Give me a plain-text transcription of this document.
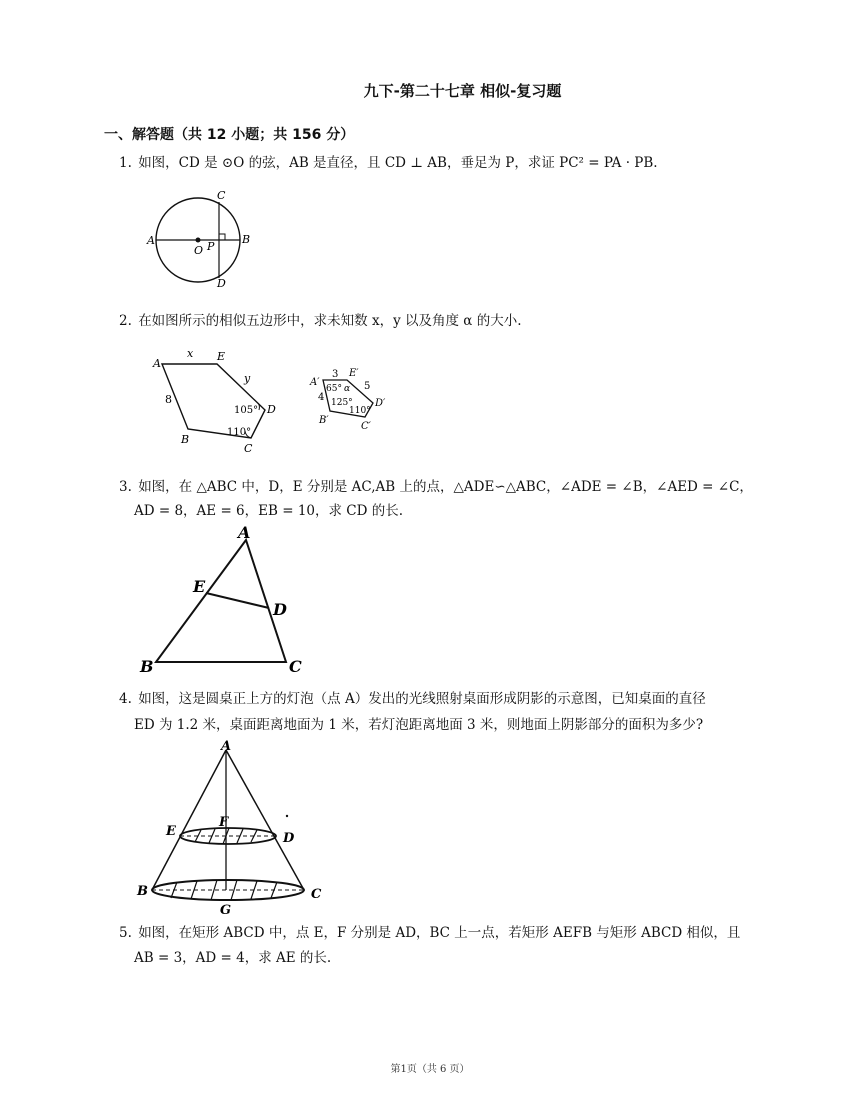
九下-第二十七章 相似-复习题
一、解答题（共 12 小题；共 156 分）
1. 如图，CD 是 ⊙O 的弦，AB 是直径，且 CD ⊥ AB，垂足为 P，求证 PC² = PA · PB.
A	B
C
D
O P
2. 在如图所示的相似五边形中，求未知数 x，y 以及角度 α 的大小.
A
B
C
D
E
x
y
8
105°
110°
A′
B′
C′
D′
E′
3
4
5
65° α
125°
110°
3. 如图，在 △ABC 中，D，E 分别是 AC,AB 上的点，△ADE∽△ABC，∠ADE = ∠B，∠AED = ∠C，
AD = 8，AE = 6，EB = 10，求 CD 的长.
A
B	C
D
E
4. 如图，这是圆桌正上方的灯泡（点 A）发出的光线照射桌面形成阴影的示意图，已知桌面的直径
ED 为 1.2 米，桌面距离地面为 1 米，若灯泡距离地面 3 米，则地面上阴影部分的面积为多少?
A
B	C
D
E
F
G
5. 如图，在矩形 ABCD 中，点 E，F 分别是 AD，BC 上一点，若矩形 AEFB 与矩形 ABCD 相似，且
AB = 3，AD = 4，求 AE 的长.
第1页（共 6 页）
